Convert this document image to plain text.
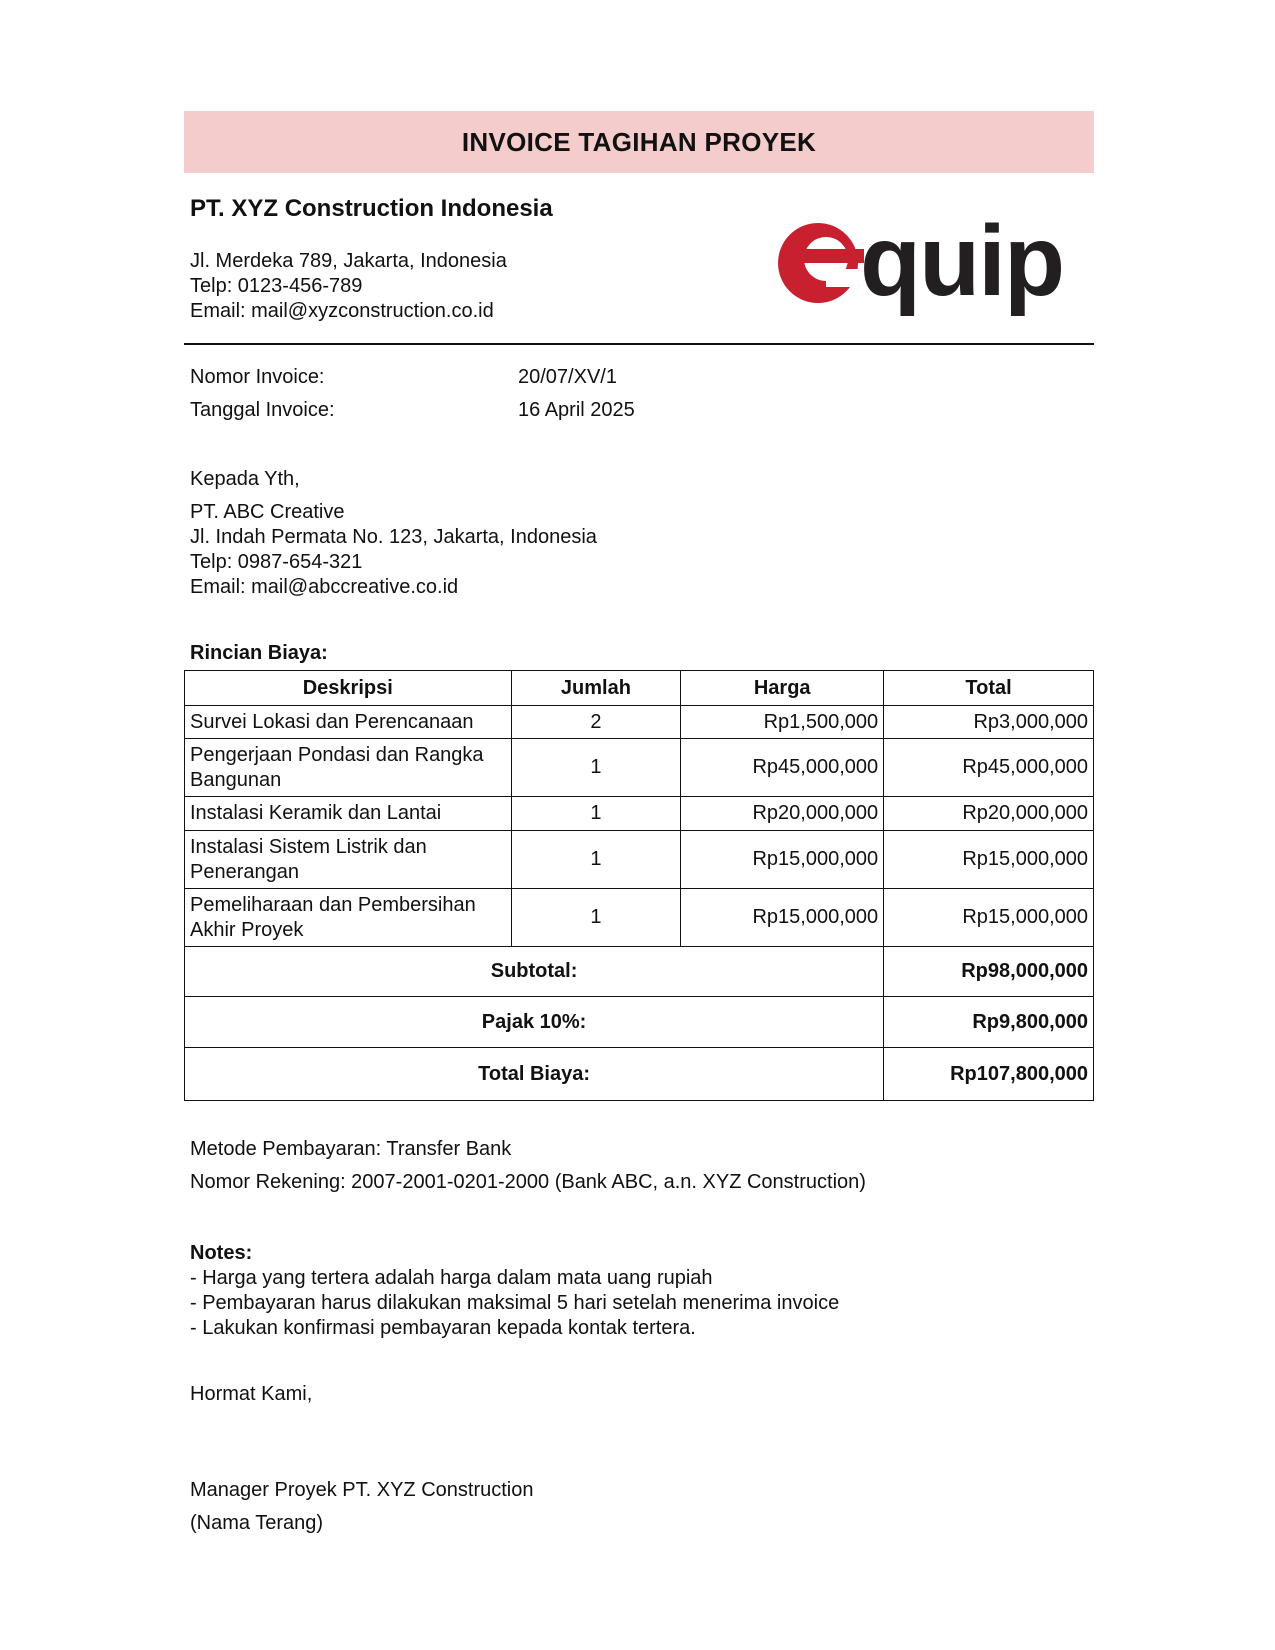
INVOICE TAGIHAN PROYEK
PT. XYZ Construction Indonesia
Jl. Merdeka 789, Jakarta, Indonesia
Telp: 0123-456-789
Email: mail@xyzconstruction.co.id	quip
Nomor Invoice:	20/07/XV/1
Tanggal Invoice:	16 April 2025
Kepada Yth,
PT. ABC Creative
Jl. Indah Permata No. 123, Jakarta, Indonesia
Telp: 0987-654-321
Email: mail@abccreative.co.id
Rincian Biaya:
Deskripsi	Jumlah	Harga	Total
Survei Lokasi dan Perencanaan	2	Rp1,500,000	Rp3,000,000
Pengerjaan Pondasi dan Rangka Bangunan	1	Rp45,000,000	Rp45,000,000
Instalasi Keramik dan Lantai	1	Rp20,000,000	Rp20,000,000
Instalasi Sistem Listrik dan Penerangan	1	Rp15,000,000	Rp15,000,000
Pemeliharaan dan Pembersihan Akhir Proyek	1	Rp15,000,000	Rp15,000,000
Subtotal:			Rp98,000,000
Pajak 10%:			Rp9,800,000
Total Biaya:			Rp107,800,000
Metode Pembayaran: Transfer Bank
Nomor Rekening: 2007-2001-0201-2000 (Bank ABC, a.n. XYZ Construction)
Notes:
- Harga yang tertera adalah harga dalam mata uang rupiah
- Pembayaran harus dilakukan maksimal 5 hari setelah menerima invoice
- Lakukan konfirmasi pembayaran kepada kontak tertera.
Hormat Kami,
Manager Proyek PT. XYZ Construction
(Nama Terang)
